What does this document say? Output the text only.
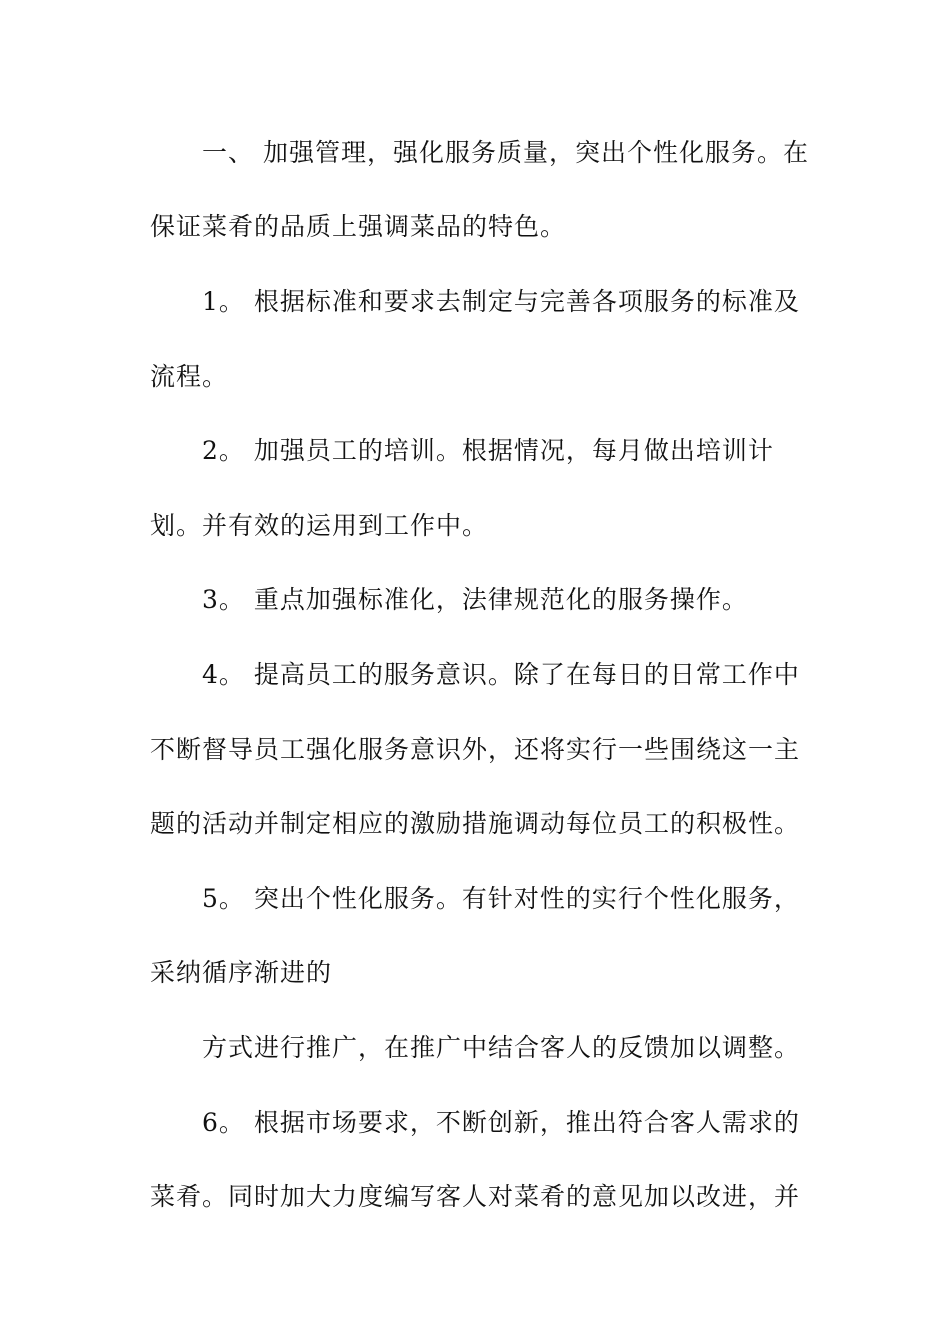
一、 加强管理，强化服务质量，突出个性化服务。在
保证菜肴的品质上强调菜品的特色。
1。 根据标准和要求去制定与完善各项服务的标准及
流程。
2。 加强员工的培训。根据情况，每月做出培训计
划。并有效的运用到工作中。
3。 重点加强标准化，法律规范化的服务操作。
4。 提高员工的服务意识。除了在每日的日常工作中
不断督导员工强化服务意识外，还将实行一些围绕这一主
题的活动并制定相应的激励措施调动每位员工的积极性。
5。 突出个性化服务。有针对性的实行个性化服务，
采纳循序渐进的
方式进行推广，在推广中结合客人的反馈加以调整。
6。 根据市场要求，不断创新，推出符合客人需求的
菜肴。同时加大力度编写客人对菜肴的意见加以改进，并
